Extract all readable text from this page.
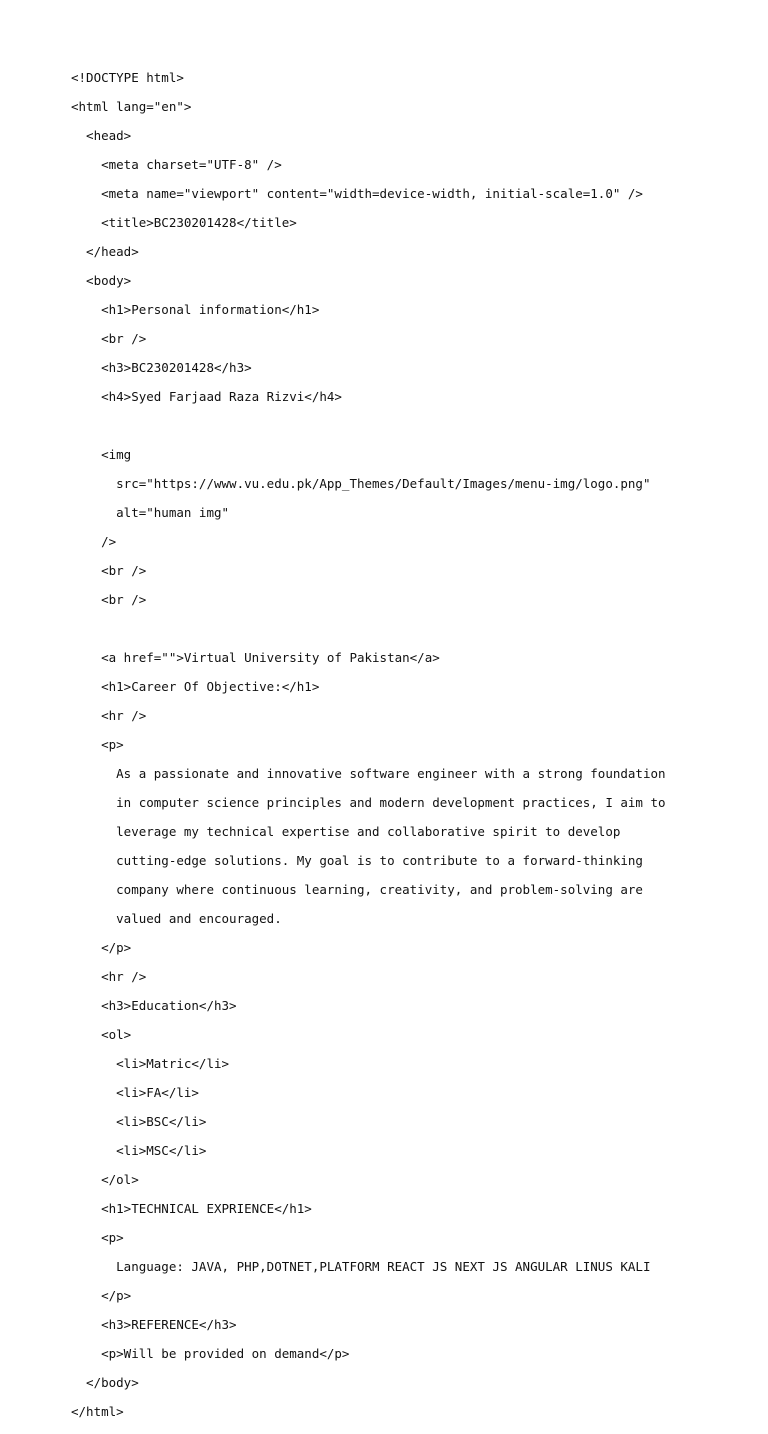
<!DOCTYPE html>

<html lang="en">

<head>

<meta charset="UTF-8" />

<meta name="viewport" content="width=device-width, initial-scale=1.0" />

<title>BC230201428</title>

</head>

<body>

<h1>Personal information</h1>

<br />

<h3>BC230201428</h3>

<h4>Syed Farjaad Raza Rizvi</h4>

<img

src="https://www.vu.edu.pk/App_Themes/Default/Images/menu-img/logo.png"

alt="human img"

/>

<br />

<br />

<a href="">Virtual University of Pakistan</a>

<h1>Career Of Objective:</h1>

<hr />

<p>

As a passionate and innovative software engineer with a strong foundation

in computer science principles and modern development practices, I aim to

leverage my technical expertise and collaborative spirit to develop

cutting-edge solutions. My goal is to contribute to a forward-thinking

company where continuous learning, creativity, and problem-solving are

valued and encouraged.

</p>

<hr />

<h3>Education</h3>

<ol>

<li>Matric</li>

<li>FA</li>

<li>BSC</li>

<li>MSC</li>

</ol>

<h1>TECHNICAL EXPRIENCE</h1>

<p>

Language: JAVA, PHP,DOTNET,PLATFORM REACT JS NEXT JS ANGULAR LINUS KALI

</p>

<h3>REFERENCE</h3>

<p>Will be provided on demand</p>

</body>

</html>
